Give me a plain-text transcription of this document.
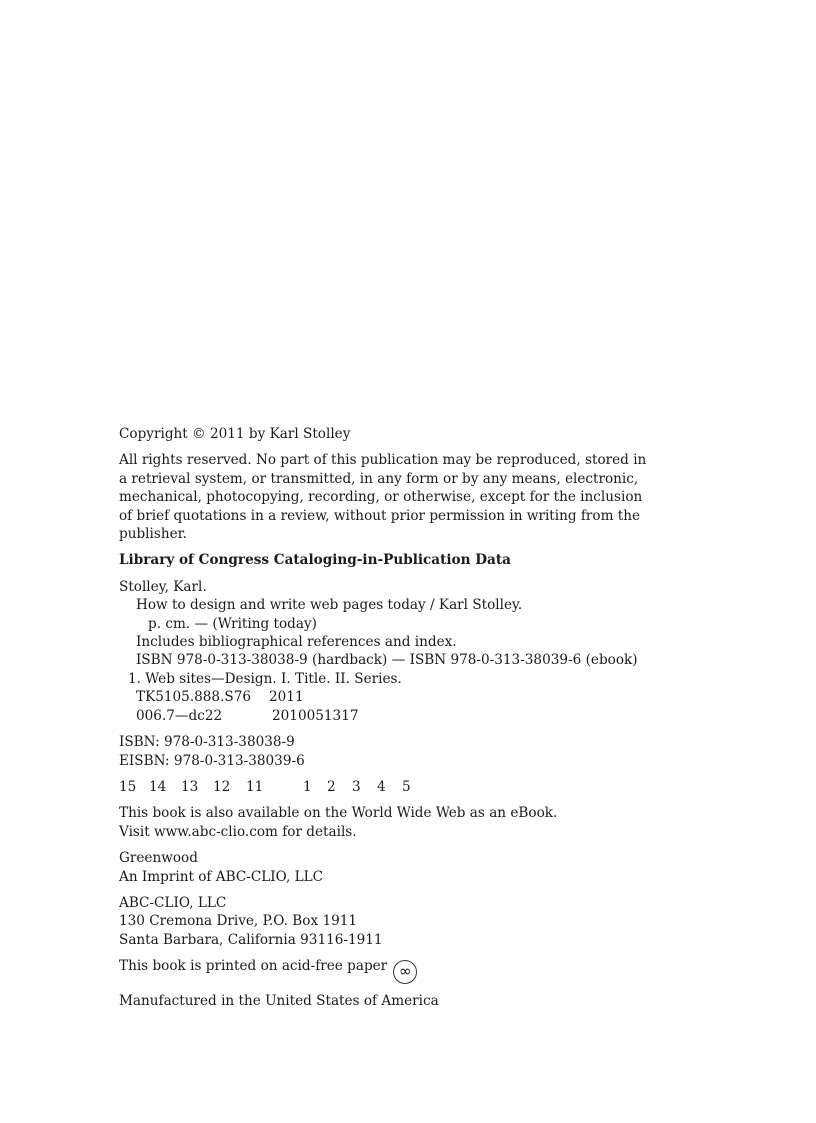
Copyright © 2011 by Karl Stolley

All rights reserved. No part of this publication may be reproduced, stored in
a retrieval system, or transmitted, in any form or by any means, electronic,
mechanical, photocopying, recording, or otherwise, except for the inclusion
of brief quotations in a review, without prior permission in writing from the
publisher.

Library of Congress Cataloging-in-Publication Data

Stolley, Karl.
How to design and write web pages today / Karl Stolley.
p. cm. — (Writing today)
Includes bibliographical references and index.
ISBN 978-0-313-38038-9 (hardback) — ISBN 978-0-313-38039-6 (ebook)
1. Web sites—Design. I. Title. II. Series.
TK5105.888.S76 2011
006.7—dc22	2010051317

ISBN: 978-0-313-38038-9
EISBN: 978-0-313-38039-6

15 14 13 12 11	1 2 3 4 5

This book is also available on the World Wide Web as an eBook.
Visit www.abc-clio.com for details.

Greenwood
An Imprint of ABC-CLIO, LLC

ABC-CLIO, LLC
130 Cremona Drive, P.O. Box 1911
Santa Barbara, California 93116-1911

This book is printed on acid-free paper ∞

Manufactured in the United States of America
